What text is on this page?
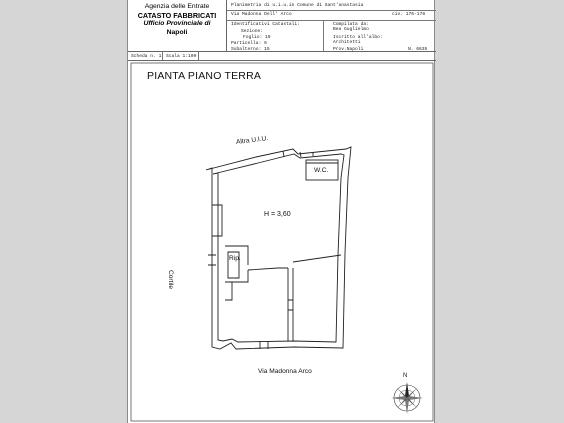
Agenzia delle Entrate
CATASTO FABBRICATI
Ufficio Provinciale di
Napoli
Planimetria di u.i.u.in Comune di Sant'anastasia
Via Madonna Dell' Arco	civ. 176-178
Identificativi Catastali:
Sezione:
Foglio: 19
Particella: 6
Subalterno: 15
Compilata da:
Bea Guglielmo
Iscritto all'albo:
Architetti
Prov.Napoli	N. 6635
Scheda n. 1 Scala 1:100
PIANTA PIANO TERRA
Altra U.I.U.
W.C.
H = 3,60
Rip.
Cortile
Via Madonna Arco
N
